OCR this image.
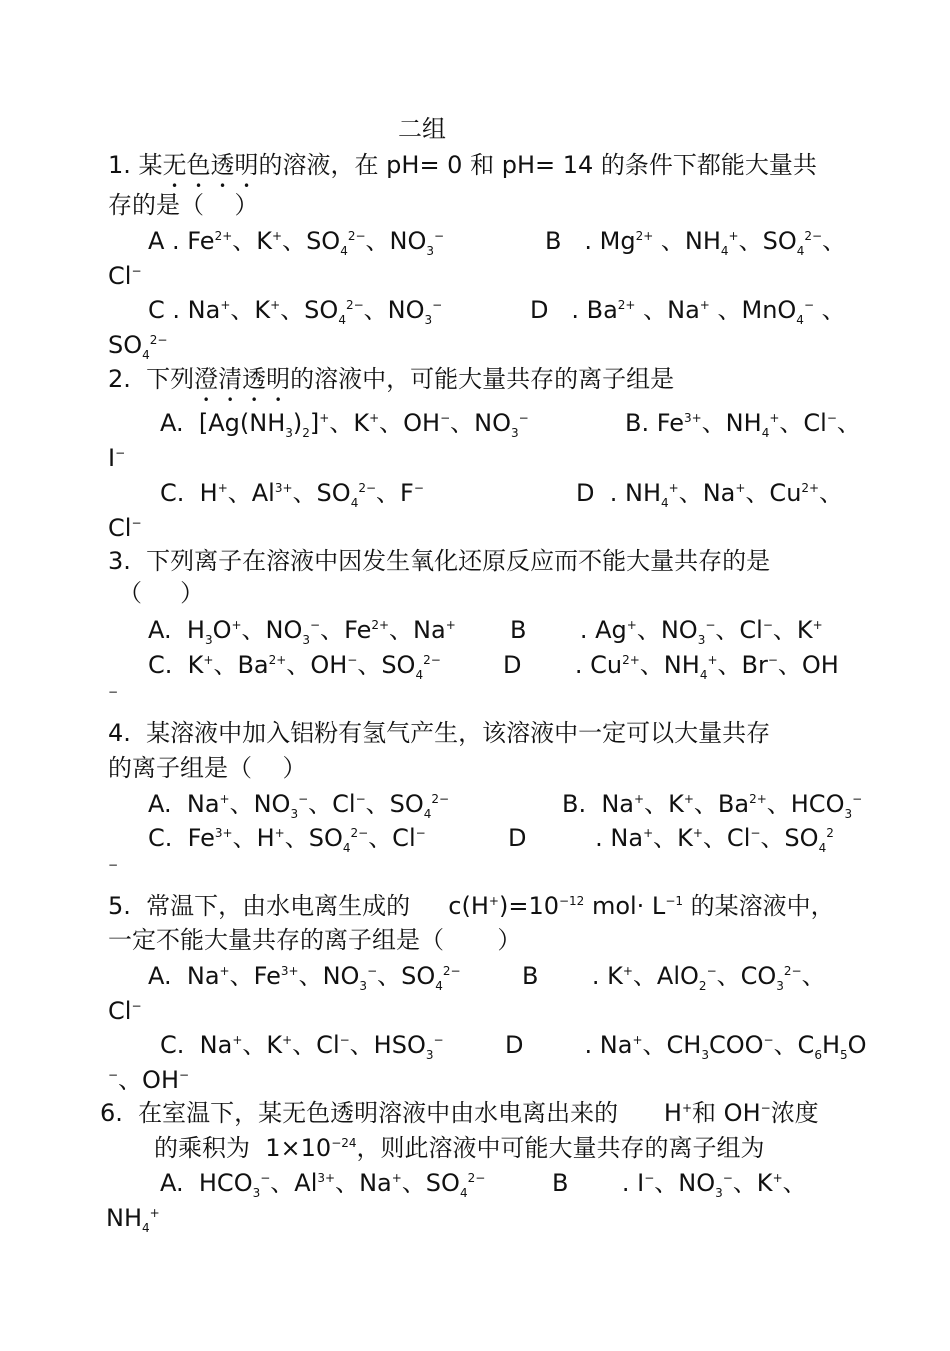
二组
1. 某无色透明的溶液，在 pH= 0 和 pH= 14 的条件下都能大量共
存的是（    ）
A . $Fe^{2+}$、K+、$SO_4^{2-}$、$NO_3^-$	B   . $Mg^{2+}$ 、$NH_4^+$、$SO_4^{2-}$、
Cl−
C . Na+、K+、$SO_4^{2-}$、$NO_3^-$	D   . $Ba^{2+}$ 、Na+ 、MnO$_4$− 、
$SO_4^{2-}$
2.  下列澄清透明的溶液中，可能大量共存的离子组是
A.  $[Ag(NH_3)_2]^+$、K+、OH−、$NO_3^-$	B. $Fe^{3+}$、$NH_4^+$、Cl−、
I−
C.  H+、$Al^{3+}$、$SO_4^{2-}$、F−	D  . $NH_4^+$、Na+、$Cu^{2+}$、
Cl−
3.  下列离子在溶液中因发生氧化还原反应而不能大量共存的是
（     ）
A.  $H_3O^+$、$NO_3^-$、$Fe^{2+}$、Na+ B       . Ag+、$NO_3^-$、Cl−、K+
C.  K+、$Ba^{2+}$、OH−、$SO_4^{2-}$	D       . $Cu^{2+}$、$NH_4^+$、Br−、OH
−
4.  某溶液中加入铝粉有氢气产生，该溶液中一定可以大量共存
的离子组是（    ）
A.  Na+、$NO_3^-$、Cl−、$SO_4^{2-}$	B.  Na+、K+、$Ba^{2+}$、$HCO_3^-$
C.  $Fe^{3+}$、H+、$SO_4^{2-}$、Cl−	D         . Na+、K+、Cl−、$SO_4^2$
−
5.  常温下，由水电离生成的     $c(H^+)=10^{-12}$ $mol\cdot L^{-1}$ 的某溶液中，
一定不能大量共存的离子组是（       ）
A.  Na+、$Fe^{3+}$、$NO_3^-$、$SO_4^{2-}$	B       . K+、AlO$_2$−、$CO_3^{2-}$、
Cl−
C.  Na+、K+、Cl−、$HSO_3^-$	D        . Na+、$CH_3COO^-$、$C_6H_5O$
−、OH−
6.  在室温下，某无色透明溶液中由水电离出来的      H+和 OH−浓度
的乘积为  $1\times 10^{-24}$，则此溶液中可能大量共存的离子组为
A.  $HCO_3^-$、$Al^{3+}$、Na+、$SO_4^{2-}$	B       . I−、$NO_3^-$、K+、
$NH_4^+$
